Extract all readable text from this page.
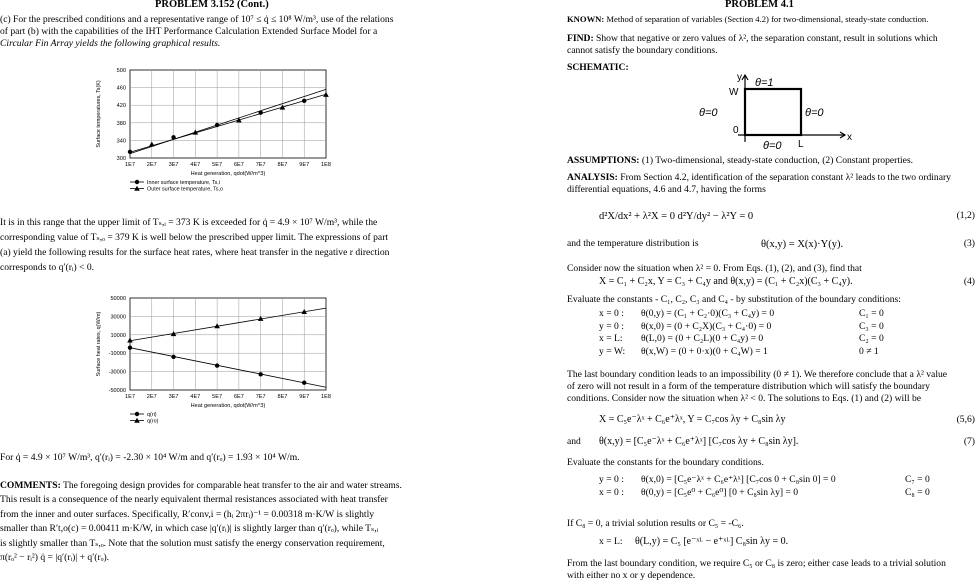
PROBLEM 3.152 (Cont.)
(c) For the prescribed conditions and a representative range of 10⁷ ≤ q̇ ≤ 10⁸ W/m³, use of the relations
of part (b) with the capabilities of the IHT Performance Calculation Extended Surface Model for a
Circular Fin Array yields the following graphical results.
1E7 2E7 3E7 4E7 5E7 6E7 7E7 8E7 9E7 1E8
300
340
380
420
460
500
Heat generation, qdot(W/m^3)
Surface temperatures, Ts(K)
Inner surface temperature, Ts,i
Outer surface temperature, Ts,o
It is in this range that the upper limit of Tₛ,ᵢ = 373 K is exceeded for q̇ = 4.9 × 10⁷ W/m³, while the
corresponding value of Tₛ,ₒ = 379 K is well below the prescribed upper limit. The expressions of part
(a) yield the following results for the surface heat rates, where heat transfer in the negative r direction
corresponds to q′(rᵢ) < 0.
1E7 2E7 3E7 4E7 5E7 6E7 7E7 8E7 9E7 1E8
-50000
-30000
-10000
10000
30000
50000
Heat generation, qdot(W/m^3)
Surface heat rates, q(W/m)
q(ri)
q(ro)
For q̇ = 4.9 × 10⁷ W/m³, q′(rᵢ) = -2.30 × 10⁴ W/m and q′(rₒ) = 1.93 × 10⁴ W/m.
COMMENTS: The foregoing design provides for comparable heat transfer to the air and water streams.
This result is a consequence of the nearly equivalent thermal resistances associated with heat transfer
from the inner and outer surfaces. Specifically, R′conv,i = (hᵢ 2πrᵢ)⁻¹ = 0.00318 m·K/W is slightly
smaller than R′t,o(c) = 0.00411 m·K/W, in which case |q′(rᵢ)| is slightly larger than q′(rₒ), while Tₛ,ᵢ
is slightly smaller than Tₛ,ₒ. Note that the solution must satisfy the energy conservation requirement,
π(rₒ² − rᵢ²) q̇ = |q′(rᵢ)| + q′(rₒ).
PROBLEM 4.1
KNOWN: Method of separation of variables (Section 4.2) for two-dimensional, steady-state conduction.
FIND: Show that negative or zero values of λ², the separation constant, result in solutions which
cannot satisfy the boundary conditions.
SCHEMATIC:
y
W
θ=1
θ=0	θ=0
θ=0
0
L
x
ASSUMPTIONS: (1) Two-dimensional, steady-state conduction, (2) Constant properties.
ANALYSIS: From Section 4.2, identification of the separation constant λ² leads to the two ordinary
differential equations, 4.6 and 4.7, having the forms
d²X/dx² + λ²X = 0 d²Y/dy² − λ²Y = 0	(1,2)
and the temperature distribution is	θ(x,y) = X(x)·Y(y).	(3)
Consider now the situation when λ² = 0. From Eqs. (1), (2), and (3), find that
X = C₁ + C₂x, Y = C₃ + C₄y and θ(x,y) = (C₁ + C₂x)(C₃ + C₄y).	(4)
Evaluate the constants - C₁, C₂, C₃ and C₄ - by substitution of the boundary conditions:
x = 0 : θ(0,y) = (C₁ + C₂·0)(C₃ + C₄y) = 0	C₁ = 0
y = 0 : θ(x,0) = (0 + C₂X)(C₃ + C₄·0) = 0	C₃ = 0
x = L: θ(L,0) = (0 + C₂L)(0 + C₄y) = 0	C₂ = 0
y = W: θ(x,W) = (0 + 0·x)(0 + C₄W) = 1	0 ≠ 1
The last boundary condition leads to an impossibility (0 ≠ 1). We therefore conclude that a λ² value
of zero will not result in a form of the temperature distribution which will satisfy the boundary
conditions. Consider now the situation when λ² < 0. The solutions to Eqs. (1) and (2) will be
X = C₅e⁻λˣ + C₆e⁺λˣ, Y = C₇cos λy + C₈sin λy	(5,6)
and θ(x,y) = [C₅e⁻λˣ + C₆e⁺λˣ] [C₇cos λy + C₈sin λy].	(7)
Evaluate the constants for the boundary conditions.
y = 0 : θ(x,0) = [C₅e⁻λˣ + C₆e⁺λˣ] [C₇cos 0 + C₈sin 0] = 0	C₇ = 0
x = 0 : θ(0,y) = [C₅e⁰ + C₆e⁰] [0 + C₈sin λy] = 0	C₈ = 0
If C₈ = 0, a trivial solution results or C₅ = -C₆.
x = L: θ(L,y) = C₅ [e⁻ˣᴸ − e⁺ˣᴸ] C₈sin λy = 0.
From the last boundary condition, we require C₅ or C₈ is zero; either case leads to a trivial solution
with either no x or y dependence.
